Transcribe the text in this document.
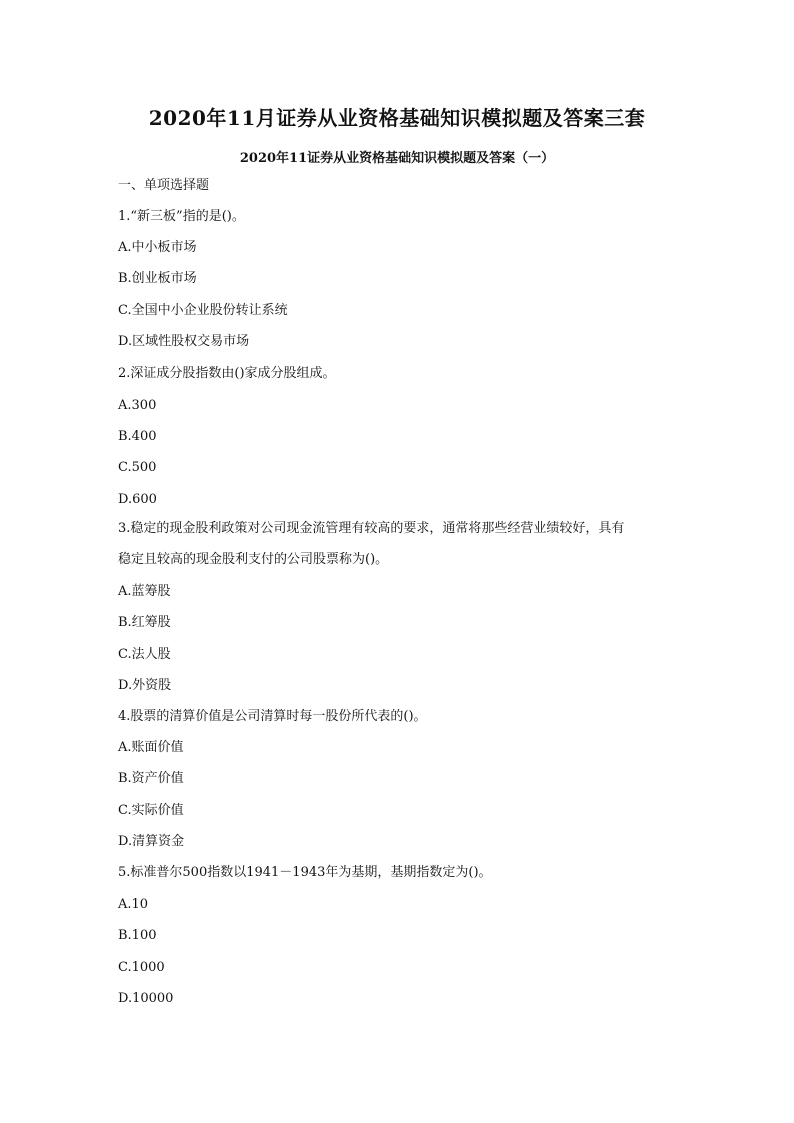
2020年11月证券从业资格基础知识模拟题及答案三套
2020年11证券从业资格基础知识模拟题及答案（一）
一、单项选择题
1.“新三板”指的是()。
A.中小板市场
B.创业板市场
C.全国中小企业股份转让系统
D.区域性股权交易市场
2.深证成分股指数由()家成分股组成。
A.300
B.400
C.500
D.600
3.稳定的现金股利政策对公司现金流管理有较高的要求，通常将那些经营业绩较好，具有
稳定且较高的现金股利支付的公司股票称为()。
A.蓝筹股
B.红筹股
C.法人股
D.外资股
4.股票的清算价值是公司清算时每一股份所代表的()。
A.账面价值
B.资产价值
C.实际价值
D.清算资金
5.标准普尔500指数以1941－1943年为基期，基期指数定为()。
A.10
B.100
C.1000
D.10000
